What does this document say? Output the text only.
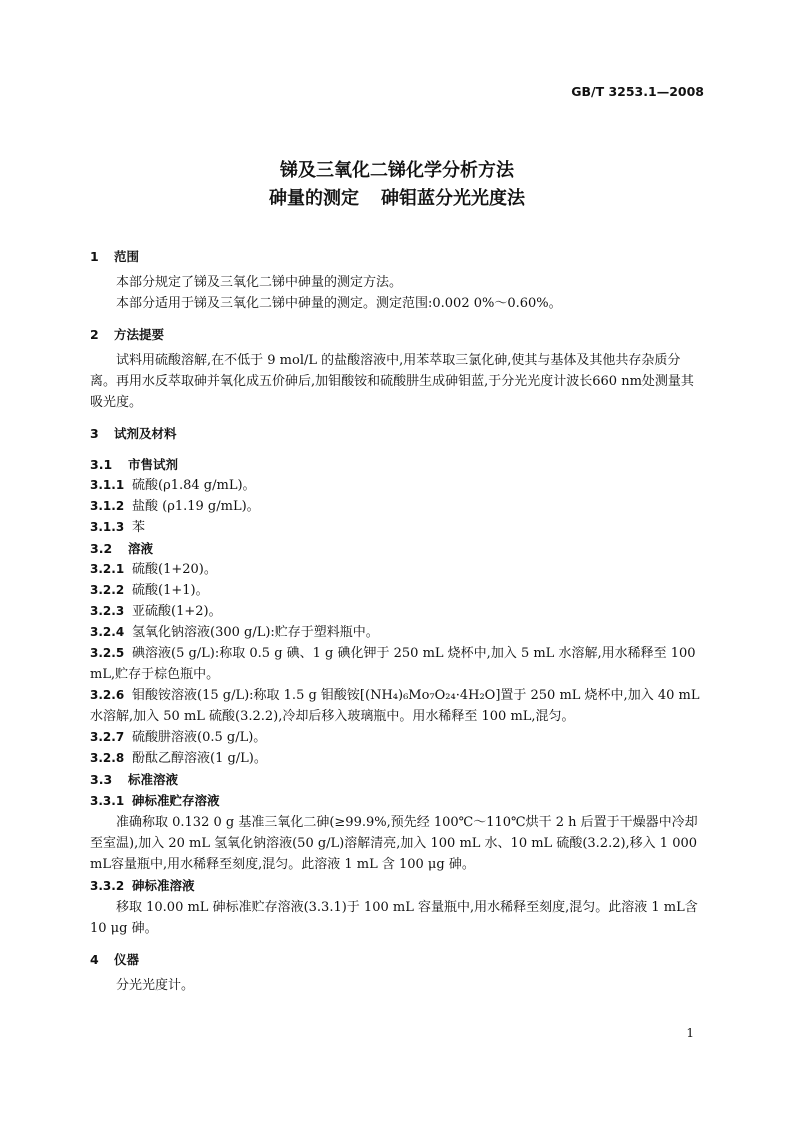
GB/T 3253.1—2008
锑及三氧化二锑化学分析方法
砷量的测定 砷钼蓝分光光度法

1 范围

本部分规定了锑及三氧化二锑中砷量的测定方法。

本部分适用于锑及三氧化二锑中砷量的测定。测定范围:0.002 0%～0.60%。

2 方法提要

试料用硫酸溶解,在不低于 9 mol/L 的盐酸溶液中,用苯萃取三氯化砷,使其与基体及其他共存杂质分离。再用水反萃取砷并氧化成五价砷后,加钼酸铵和硫酸肼生成砷钼蓝,于分光光度计波长660 nm处测量其吸光度。

3 试剂及材料

3.1 市售试剂

3.1.1 硫酸(ρ1.84 g/mL)。

3.1.2 盐酸 (ρ1.19 g/mL)。

3.1.3 苯

3.2 溶液

3.2.1 硫酸(1+20)。

3.2.2 硫酸(1+1)。

3.2.3 亚硫酸(1+2)。

3.2.4 氢氧化钠溶液(300 g/L):贮存于塑料瓶中。

3.2.5 碘溶液(5 g/L):称取 0.5 g 碘、1 g 碘化钾于 250 mL 烧杯中,加入 5 mL 水溶解,用水稀释至 100 mL,贮存于棕色瓶中。

3.2.6 钼酸铵溶液(15 g/L):称取 1.5 g 钼酸铵[(NH₄)₆Mo₇O₂₄·4H₂O]置于 250 mL 烧杯中,加入 40 mL 水溶解,加入 50 mL 硫酸(3.2.2),冷却后移入玻璃瓶中。用水稀释至 100 mL,混匀。

3.2.7 硫酸肼溶液(0.5 g/L)。

3.2.8 酚酞乙醇溶液(1 g/L)。

3.3 标准溶液

3.3.1 砷标准贮存溶液

准确称取 0.132 0 g 基准三氧化二砷(≥99.9%,预先经 100℃～110℃烘干 2 h 后置于干燥器中冷却至室温),加入 20 mL 氢氧化钠溶液(50 g/L)溶解清亮,加入 100 mL 水、10 mL 硫酸(3.2.2),移入 1 000 mL容量瓶中,用水稀释至刻度,混匀。此溶液 1 mL 含 100 μg 砷。

3.3.2 砷标准溶液

移取 10.00 mL 砷标准贮存溶液(3.3.1)于 100 mL 容量瓶中,用水稀释至刻度,混匀。此溶液 1 mL含 10 μg 砷。

4 仪器

分光光度计。

1
